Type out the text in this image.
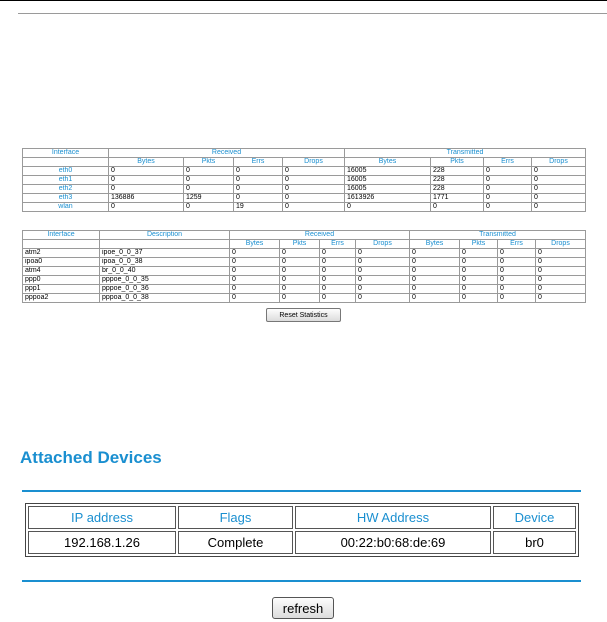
Interface	Received				Transmitted			
	Bytes	Pkts	Errs	Drops	Bytes	Pkts	Errs	Drops
eth0	0	0	0	0	16005	228	0	0
eth1	0	0	0	0	16005	228	0	0
eth2	0	0	0	0	16005	228	0	0
eth3	136886	1259	0	0	1613926	1771	0	0
wlan	0	0	19	0	0	0	0	0
Interface	Description	Received				Transmitted			
		Bytes	Pkts	Errs	Drops	Bytes	Pkts	Errs	Drops
atm2	ipoe_0_0_37	0	0	0	0	0	0	0	0
ipoa0	ipoa_0_0_38	0	0	0	0	0	0	0	0
atm4	br_0_0_40	0	0	0	0	0	0	0	0
ppp0	pppoe_0_0_35	0	0	0	0	0	0	0	0
ppp1	pppoe_0_0_36	0	0	0	0	0	0	0	0
pppoa2	pppoa_0_0_38	0	0	0	0	0	0	0	0
Reset Statistics
Attached Devices
IP address	Flags	HW Address	Device
192.168.1.26	Complete	00:22:b0:68:de:69	br0
refresh
